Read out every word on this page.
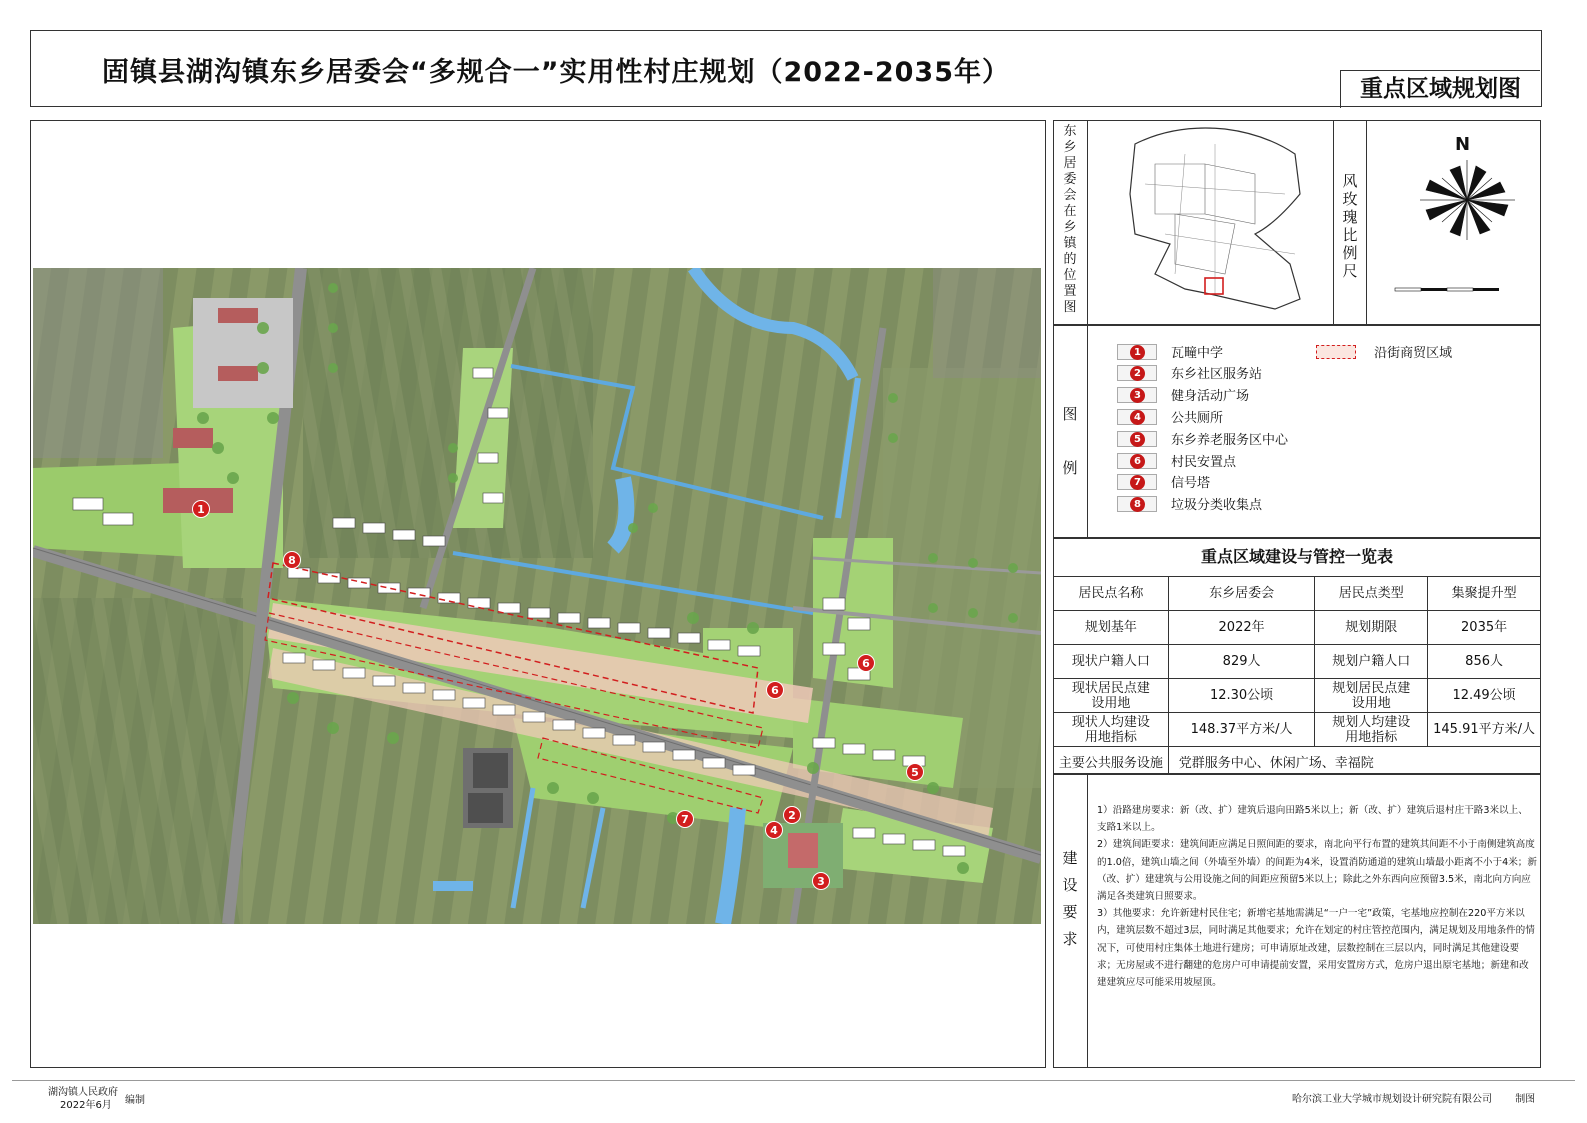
固镇县湖沟镇东乡居委会“多规合一”实用性村庄规划（2022-2035年）
重点区域规划图
1
2
3
4
5
6
6
7
8
东乡居委会在乡镇的位置图
风玫瑰比例尺
N
图例
1	瓦疃中学
2	东乡社区服务站
3	健身活动广场
4	公共厕所
5	东乡养老服务区中心
6	村民安置点
7	信号塔
8	垃圾分类收集点
沿街商贸区域
重点区域建设与管控一览表
居民点名称	东乡居委会	居民点类型	集聚提升型
规划基年	2022年	规划期限	2035年
现状户籍人口	829人	规划户籍人口	856人
现状居民点建设用地	12.30公顷	规划居民点建设用地	12.49公顷
现状人均建设用地指标	148.37平方米/人	规划人均建设用地指标	145.91平方米/人
主要公共服务设施	党群服务中心、休闲广场、幸福院		
建设要求

1）沿路建房要求：新（改、扩）建筑后退向田路5米以上；新（改、扩）建筑后退村庄干路3米以上、支路1米以上。

2）建筑间距要求：建筑间距应满足日照间距的要求，南北向平行布置的建筑其间距不小于南侧建筑高度的1.0倍，建筑山墙之间（外墙至外墙）的间距为4米，设置消防通道的建筑山墙最小距离不小于4米；新（改、扩）建建筑与公用设施之间的间距应预留5米以上；除此之外东西向应预留3.5米，南北向方向应满足各类建筑日照要求。

3）其他要求：允许新建村民住宅；新增宅基地需满足“一户一宅”政策，宅基地应控制在220平方米以内，建筑层数不超过3层，同时满足其他要求；允许在划定的村庄管控范围内，满足规划及用地条件的情况下，可使用村庄集体土地进行建房；可申请原址改建，层数控制在三层以内，同时满足其他建设要求；无房屋或不进行翻建的危房户可申请提前安置，采用安置房方式，危房户退出原宅基地；新建和改建建筑应尽可能采用坡屋顶。

湖沟镇人民政府
2022年6月	编制	哈尔滨工业大学城市规划设计研究院有限公司 制图
